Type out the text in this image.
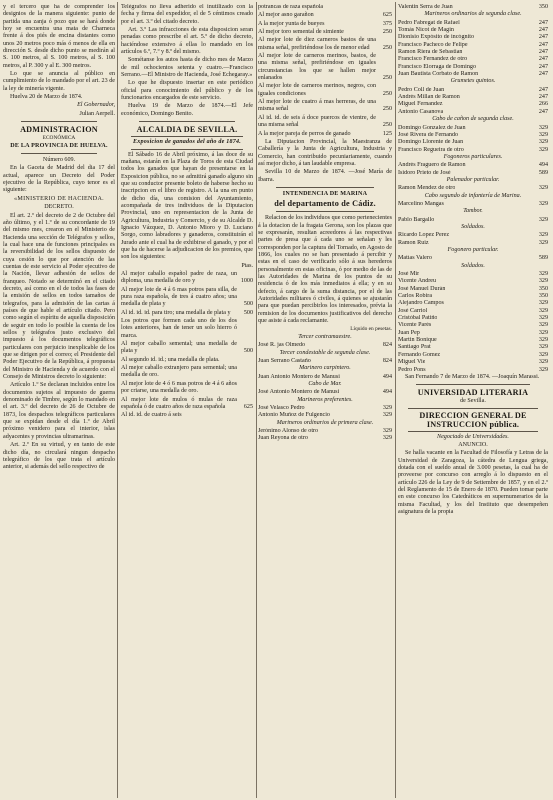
y el tercero que ha de comprender los designios de la manera siguiente: punto de partida una zanja ó pozo que se hará donde hoy se encuentra una mata de Charneca frente á dos piés de encina distantes como unos 20 metros poco más ó menos de ella en dirección S. desde dicho punto se medirán al S. 100 metros, al S. 100 metros, al S. 100 metros, al P. 300 y al E. 300 metros.

Lo que se anuncia al público en cumplimiento de lo mandado por el art. 23 de la ley de minería vigente.

Huelva 20 de Marzo de 1874.

El Gobernador,

Julian Aerpell.

ADMINISTRACION

ECONÓMICA

DE LA PROVINCIA DE HUELVA.

Número 609.

En la Gaceta de Madrid del dia 17 del actual, aparece un Decreto del Poder ejecutivo de la República, cuyo tenor es el siguiente:

«MINISTERIO DE HACIENDA.

DECRETO.

El art. 2.º del decreto de 2 de Octubre del año último, y el 1.º de su concordante de 19 del mismo mes, crearon en el Ministerio de Hacienda una sección de Telégrafos y sellos, la cual hace una de funciones principales es la reversibilidad de los sellos dispuesto de cuya cesión lo que por atención de las cuentas de este servicio al Poder ejecutivo de la Nación, llevar adhesión de sellos de franqueo. Notado se determinó en el citado decreto, así como en el de todos las fases de la emisión de sellos en todos tamaños de telegrafos, para la admisión de las cartas á países de que hable el artículo citado. Pero como según el espíritu de aquella disposición de seguir en todo lo posible la cuenta de los sellos y telégrafos justo exclusivo del impuesto á los documentos telegráficos particulares con perjuicio inexplicable de los que se dirigen por el correo; el Presidente del Poder Ejecutivo de la República, á propuesta del Ministro de Hacienda y de acuerdo con el Consejo de Ministros decreto lo siguiente:

Artículo 1.º Se declaran incluidos entre los documentos sujetos al impuesto de guerra denominado de Timbre, según lo mandado en el art. 3.º del decreto de 26 de Octubre de 1873, los despachos telegráficos particulares que se expidan desde el día 1.º de Abril próximo venidero para el interior, islas adyacentes y provincias ultramarinas.

Art. 2.º En su virtud, y en tanto de este dicho día, no circulará ningun despacho telegráfico de los que trata el artículo anterior, si además del sello respectivo de

Telégrafos no lleva adherido el inutilizado con la fecha y firma del expedidor, el de 5 céntimos creado por el art. 3.º del citado decreto.

Art. 3.º Las infracciones de esta disposicion seran penadas como prescribe el art. 5.º de dicho decreto, haciéndose extensivo á ellas lo mandado en los artículos 6.º, 7.º y 8.º del mismo.

Sométanse los autos hasta de dicho mes de Marzo de mil ochocientos setenta y cuatro.—Francisco Serrano.—El Ministro de Hacienda, José Echegaray.»

Lo que he dispuesto insertar en este periódico oficial para conocimiento del público y de los funcionarios encargados de este servicio.

Huelva 19 de Marzo de 1874.—El Jefe económico, Domingo Benito.

ALCALDIA DE SEVILLA.

Exposicion de ganados del año de 1874.

El Sábado 16 de Abril próximo, á las doce de su mañana, estarán en la Plaza de Toros de esta Ciudad todos los ganados que hayan de presentarse en la Exposicion pública, no se admitirá ganado alguno sin que su conductor presente boleto de haberse hecho su inscripcion en el libro de registro. A la una en punto de dicho día, una comision del Ayuntamiento, acompañada de tres individuos de la Diputacion Provincial, uno en representacion de la Junta de Agricultura, Industria y Comercio, y de su Alcalde D. Ignacio Vázquez, D. Antonio Mioro y D. Luciano Sorgo, como labradores y ganaderos, constituirán el Jurado ante el cual ha de exhibirse el ganado, y por el que ha de hacerse la adjudicacion de los premios, que son los siguientes:

Ptas.

Al mejor caballo español padre de raza, un diploma, una medalla de oro y	1000
Al mejor lote de 4 á 6 mas potros para silla, de pura raza española, de tres á cuatro años; una medalla de plata y	500
Al id. id. id. para tiro; una medalla de plata y	500
Los potros que formen cada uno de los dos lotes anteriores, han de tener un solo hierro ó marca.
Al mejor caballo semental; una medalla de plata y	500
Al segundo id. id.; una medalla de plata.
Al mejor caballo extranjero para semental; una medalla de oro.
Al mejor lote de 4 ó 6 mas potros de 4 á 6 años por criarse, una medalla de oro.
Al mejor lote de mulos ó mulas de raza española ó de cuatro años de raza española	625
Al id. id. de cuatro á seis
potrancas de raza española
Al mejor asno garañon	625
A la mejor yunta de bueyes	375
Al mejor toro semental de simiente	250
Al mejor lote de diez carneros bastos de una misma señal, prefiriéndose los de menor edad	250
Al mejor lote de carneros merinos, bastos, de una misma señal, prefiriéndose en iguales circunstancias los que se hallen mejor enlanados	250
Al mejor lote de carneros merinos, negros, con iguales condiciones	250
Al mejor lote de cuatro á mas herreras, de una misma señal	250
Al id. id. de seis á doce puercos de vientre, de una misma señal	250
A la mejor pareja de perros de ganado	125

La Diputacion Provincial, la Maestranza de Caballería y la Junta de Agricultura, Industria y Comercio, han contribuido pecuniariamente, cuando así mejor dicho, á tan laudable empresa.

Sevilla 10 de Marzo de 1874. —José María de Ibarra.

INTENDENCIA DE MARINA

del departamento de Cádiz.

Relacion de los individuos que como pertenecientes á la dotacion de la fragata Gerona, son los plazas que se expresarán, resultan acreedores á las respectivas partes de presa que á cada uno se señalan y les corresponden por la captura del Tornado, en Agosto de 1866, los cuales no se han presentado á percibir y estas en el caso de verificarlo sólo á sus herederos personalmente en estas oficinas, ó por medio de las de las Autoridades de Marina de los puntos de su residencia ó de los más inmediatos á ella; y en su defecto, á cargo de la suma distancia, por el de las Autoridades militares ó civiles, á quienes se ajustarán para que puedan percibirlos los interesados, prévia la remision de los documentos justificativos del derecho que asiste á cada reclamante.

Líquido en pesetas.

Tercer contramaestre.

José R. jas Olmedo	824

Tercer condestable de segunda clase.

Juan Serrano Castaño	824

Marinero carpintero.

Juan Antonio Montero de Manusi	494

Cabo de Mar.

José Antonio Montero de Manusi	494

Marineros preferentes.

José Velasco Pedro	329
Antonio Muñoz de Fulgencio	329

Marineros ordinarios de primera clase.

Jerónimo Alonso de otro	329
Juan Reyona de otro	329
Valentin Serra de Juan	350

Marineros ordinarios de segunda clase.

Pedro Fabregat de Rafael	247
Tomás Nicot de Magin	247
Dionisio Expósito de incógnito	247
Francisco Pacheco de Felipe	247
Ramon Riera de Sebastian	247
Francisco Fernandez de otro	247
Francisco Elorraga de Domingo	247
Juan Bautista Corbato de Ramon	247

Grumetes quintos.

Pedro Coll de Juan	247
Andrés Millan de Ramon	247
Miguel Fernandez	266
Antonio Casanova	247

Cabo de cañon de segunda clase.

Domingo Gonzalez de Juan	329
José Rivera de Fernando	329
Domingo Llorente de Juan	329
Francisco Regueira de otro	329

Fogoneros particulares.

Andrés Fraguero de Ramon	494
Isidoro Prieto de José	589

Palenador particular.

Ramon Mendez de otro	329

Cabo segundo de infantería de Marina.

Marcelino Mangas	329

Tambor.

Pablo Bargallo	329

Soldados.

Ricardo Lopez Perez	329
Ramon Ruiz	329

Fogonero particular.

Matías Valero	589

Soldados.

José Mir	329
Vicente Andreu	329
José Manuel Durán	350
Carlos Robira	350
Alejandro Campos	329
José Carriol	329
Cristóbal Patiño	329
Vicente Parés	329
Juan Pep	329
Martin Bonique	329
Santiago Prat	329
Fernando Gomez	329
Miguel Vie	329
Pedro Pons	329

San Fernando 7 de Marzo de 1874. —Joaquín Marassi.

UNIVERSIDAD LITERARIA

de Sevilla.

DIRECCION GENERAL DE INSTRUCCION pública.

Negociado de Universidades.

ANUNCIO.

Se halla vacante en la Facultad de Filosofía y Letras de la Universidad de Zaragoza, la cátedra de Lengua griega, dotada con el sueldo anual de 3.000 pesetas, la cual ha de proveerse por concurso con arreglo á lo dispuesto en el artículo 226 de la Ley de 9 de Setiembre de 1857, y en el 2.º del Reglamento de 15 de Enero de 1870. Pueden tomar parte en este concurso los Catedráticos en supernumerarios de la misma Facultad, y los del Instituto que desempeñen asignatura de la propia
